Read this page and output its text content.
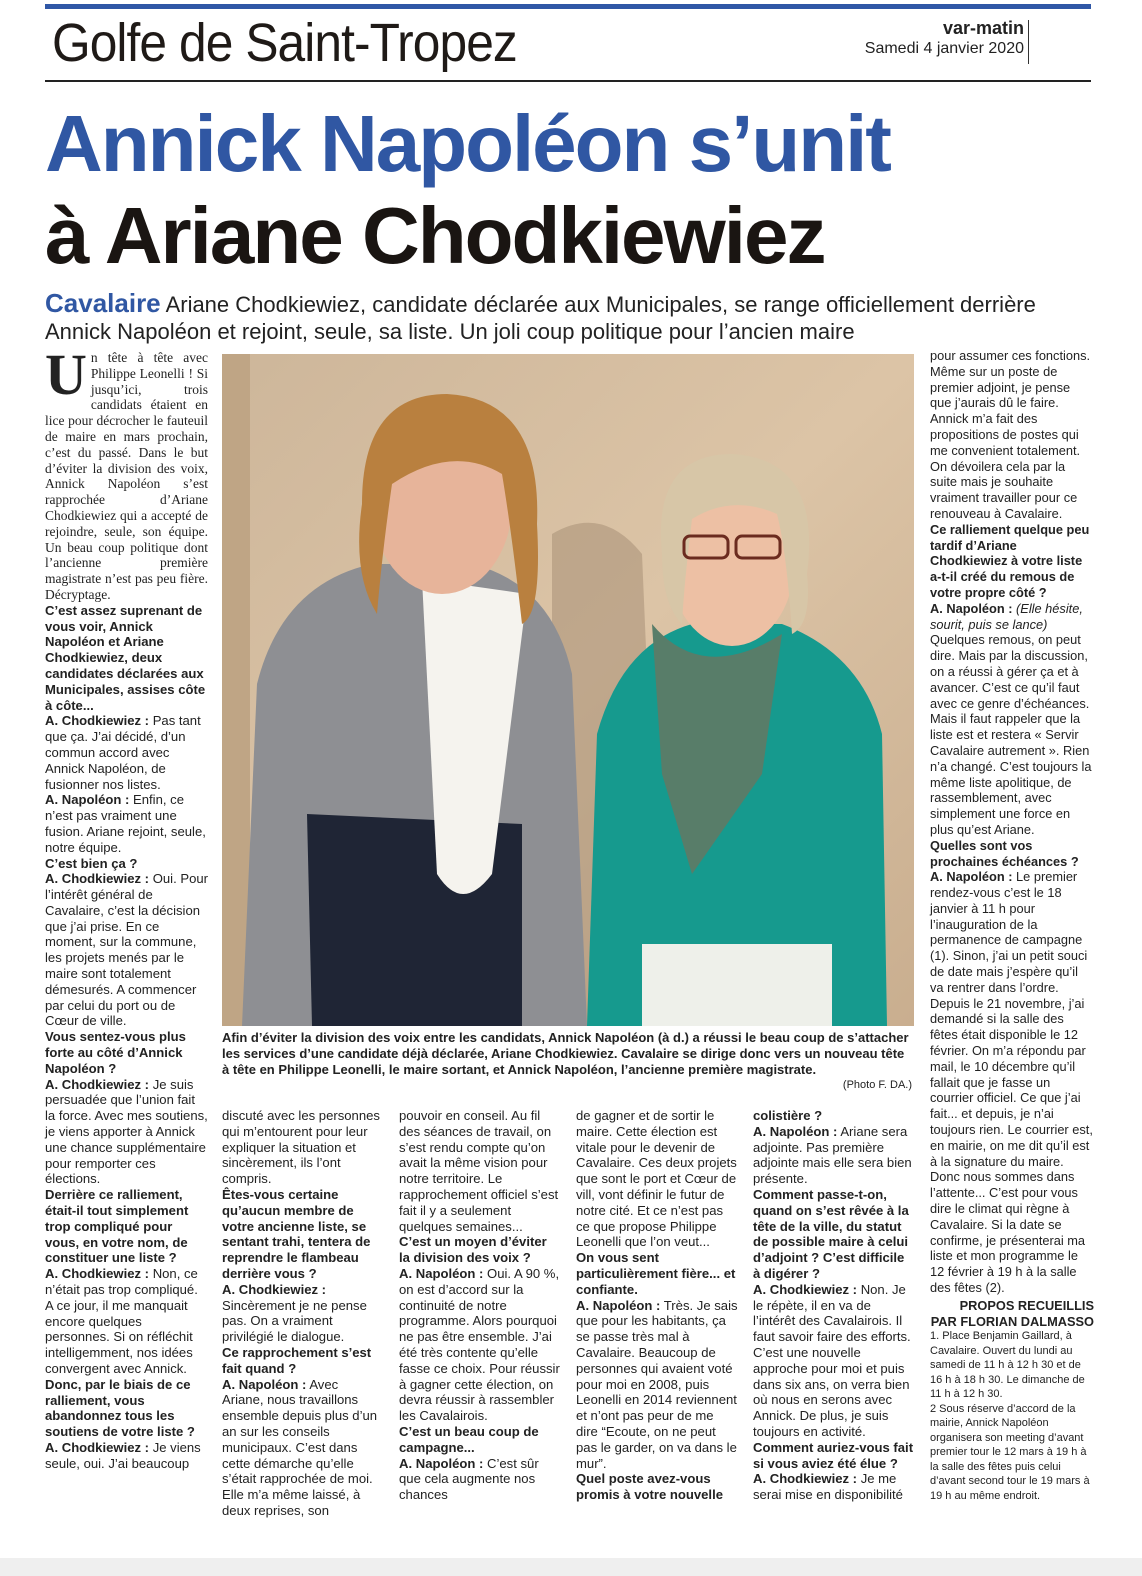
Golfe de Saint-Tropez	var-matin
Samedi 4 janvier 2020
Annick Napoléon s’unit
à Ariane Chodkiewiez
Cavalaire Ariane Chodkiewiez, candidate déclarée aux Municipales, se range officiellement derrière Annick Napoléon et rejoint, seule, sa liste. Un joli coup politique pour l’ancien maire

Un tête à tête avec Philippe Leonelli ! Si jusqu’ici, trois candidats étaient en lice pour décrocher le fauteuil de maire en mars prochain, c’est du passé. Dans le but d’éviter la division des voix, Annick Napoléon s’est rapprochée d’Ariane Chodkiewiez qui a accepté de rejoindre, seule, son équipe. Un beau coup politique dont l’ancienne première magistrate n’est pas peu fière. Décryptage.

C’est assez suprenant de vous voir, Annick Napoléon et Ariane Chodkiewiez, deux candidates déclarées aux Municipales, assises côte à côte...

A. Chodkiewiez : Pas tant que ça. J’ai décidé, d’un commun accord avec Annick Napoléon, de fusionner nos listes.

A. Napoléon : Enfin, ce n’est pas vraiment une fusion. Ariane rejoint, seule, notre équipe.

C’est bien ça ?

A. Chodkiewiez : Oui. Pour l’intérêt général de Cavalaire, c’est la décision que j’ai prise. En ce moment, sur la commune, les projets menés par le maire sont totalement démesurés. A commencer par celui du port ou de Cœur de ville.

Vous sentez-vous plus forte au côté d’Annick Napoléon ?

A. Chodkiewiez : Je suis persuadée que l’union fait la force. Avec mes soutiens, je viens apporter à Annick une chance supplémentaire pour remporter ces élections.

Derrière ce ralliement, était-il tout simplement trop compliqué pour vous, en votre nom, de constituer une liste ?

A. Chodkiewiez : Non, ce n’était pas trop compliqué. A ce jour, il me manquait encore quelques personnes. Si on réfléchit intelligemment, nos idées convergent avec Annick.

Donc, par le biais de ce ralliement, vous abandonnez tous les soutiens de votre liste ?

A. Chodkiewiez : Je viens seule, oui. J’ai beaucoup

Afin d’éviter la division des voix entre les candidats, Annick Napoléon (à d.) a réussi le beau coup de s’attacher les services d’une candidate déjà déclarée, Ariane Chodkiewiez. Cavalaire se dirige donc vers un nouveau tête à tête en Philippe Leonelli, le maire sortant, et Annick Napoléon, l’ancienne première magistrate.
(Photo F. DA.)

discuté avec les personnes qui m’entourent pour leur expliquer la situation et sincèrement, ils l’ont compris.

Êtes-vous certaine qu’aucun membre de votre ancienne liste, se sentant trahi, tentera de reprendre le flambeau derrière vous ?

A. Chodkiewiez : Sincèrement je ne pense pas. On a vraiment privilégié le dialogue.

Ce rapprochement s’est fait quand ?

A. Napoléon : Avec Ariane, nous travaillons ensemble depuis plus d’un an sur les conseils municipaux. C’est dans cette démarche qu’elle s’était rapprochée de moi. Elle m’a même laissé, à deux reprises, son

pouvoir en conseil. Au fil des séances de travail, on s’est rendu compte qu’on avait la même vision pour notre territoire. Le rapprochement officiel s’est fait il y a seulement quelques semaines...

C’est un moyen d’éviter la division des voix ?

A. Napoléon : Oui. A 90 %, on est d’accord sur la continuité de notre programme. Alors pourquoi ne pas être ensemble. J’ai été très contente qu’elle fasse ce choix. Pour réussir à gagner cette élection, on devra réussir à rassembler les Cavalairois.

C’est un beau coup de campagne...

A. Napoléon : C’est sûr que cela augmente nos chances

de gagner et de sortir le maire. Cette élection est vitale pour le devenir de Cavalaire. Ces deux projets que sont le port et Cœur de vill, vont définir le futur de notre cité. Et ce n’est pas ce que propose Philippe Leonelli que l’on veut...

On vous sent particulièrement fière... et confiante.

A. Napoléon : Très. Je sais que pour les habitants, ça se passe très mal à Cavalaire. Beaucoup de personnes qui avaient voté pour moi en 2008, puis Leonelli en 2014 reviennent et n’ont pas peur de me dire “Ecoute, on ne peut pas le garder, on va dans le mur”.

Quel poste avez-vous promis à votre nouvelle

colistière ?

A. Napoléon : Ariane sera adjointe. Pas première adjointe mais elle sera bien présente.

Comment passe-t-on, quand on s’est rêvée à la tête de la ville, du statut de possible maire à celui d’adjoint ? C’est difficile à digérer ?

A. Chodkiewiez : Non. Je le répète, il en va de l’intérêt des Cavalairois. Il faut savoir faire des efforts. C’est une nouvelle approche pour moi et puis dans six ans, on verra bien où nous en serons avec Annick. De plus, je suis toujours en activité.

Comment auriez-vous fait si vous aviez été élue ?

A. Chodkiewiez : Je me serai mise en disponibilité

pour assumer ces fonctions. Même sur un poste de premier adjoint, je pense que j’aurais dû le faire. Annick m’a fait des propositions de postes qui me convenient totalement. On dévoilera cela par la suite mais je souhaite vraiment travailler pour ce renouveau à Cavalaire.

Ce ralliement quelque peu tardif d’Ariane Chodkiewiez à votre liste a-t-il créé du remous de votre propre côté ?

A. Napoléon : (Elle hésite, sourit, puis se lance) Quelques remous, on peut dire. Mais par la discussion, on a réussi à gérer ça et à avancer. C’est ce qu’il faut avec ce genre d’échéances. Mais il faut rappeler que la liste est et restera « Servir Cavalaire autrement ». Rien n’a changé. C’est toujours la même liste apolitique, de rassemblement, avec simplement une force en plus qu’est Ariane.

Quelles sont vos prochaines échéances ?

A. Napoléon : Le premier rendez-vous c’est le 18 janvier à 11 h pour l’inauguration de la permanence de campagne (1). Sinon, j’ai un petit souci de date mais j’espère qu’il va rentrer dans l’ordre. Depuis le 21 novembre, j’ai demandé si la salle des fêtes était disponible le 12 février. On m’a répondu par mail, le 10 décembre qu’il fallait que je fasse un courrier officiel. Ce que j’ai fait... et depuis, je n’ai toujours rien. Le courrier est, en mairie, on me dit qu’il est à la signature du maire. Donc nous sommes dans l’attente... C’est pour vous dire le climat qui règne à Cavalaire. Si la date se confirme, je présenterai ma liste et mon programme le 12 février à 19 h à la salle des fêtes (2).

PROPOS RECUEILLIS

PAR FLORIAN DALMASSO

1. Place Benjamin Gaillard, à Cavalaire. Ouvert du lundi au samedi de 11 h à 12 h 30 et de 16 h à 18 h 30. Le dimanche de 11 h à 12 h 30.

2 Sous réserve d’accord de la mairie, Annick Napoléon organisera son meeting d’avant premier tour le 12 mars à 19 h à la salle des fêtes puis celui d’avant second tour le 19 mars à 19 h au même endroit.
